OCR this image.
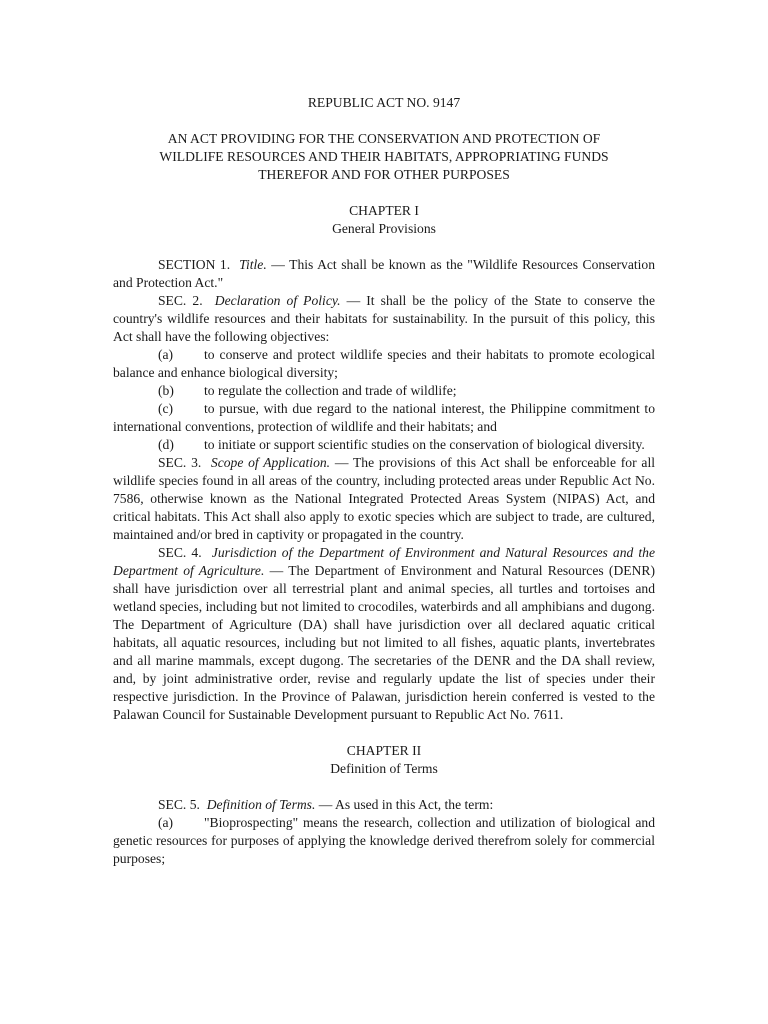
REPUBLIC ACT NO. 9147

AN ACT PROVIDING FOR THE CONSERVATION AND PROTECTION OF

WILDLIFE RESOURCES AND THEIR HABITATS, APPROPRIATING FUNDS

THEREFOR AND FOR OTHER PURPOSES

CHAPTER I

General Provisions

SECTION 1. Title. — This Act shall be known as the "Wildlife Resources Conservation and Protection Act."

SEC. 2. Declaration of Policy. — It shall be the policy of the State to conserve the country's wildlife resources and their habitats for sustainability. In the pursuit of this policy, this Act shall have the following objectives:

(a) to conserve and protect wildlife species and their habitats to promote ecological balance and enhance biological diversity;

(b) to regulate the collection and trade of wildlife;

(c) to pursue, with due regard to the national interest, the Philippine commitment to international conventions, protection of wildlife and their habitats; and

(d) to initiate or support scientific studies on the conservation of biological diversity.

SEC. 3. Scope of Application. — The provisions of this Act shall be enforceable for all wildlife species found in all areas of the country, including protected areas under Republic Act No. 7586, otherwise known as the National Integrated Protected Areas System (NIPAS) Act, and critical habitats. This Act shall also apply to exotic species which are subject to trade, are cultured, maintained and/or bred in captivity or propagated in the country.

SEC. 4. Jurisdiction of the Department of Environment and Natural Resources and the Department of Agriculture. — The Department of Environment and Natural Resources (DENR) shall have jurisdiction over all terrestrial plant and animal species, all turtles and tortoises and wetland species, including but not limited to crocodiles, waterbirds and all amphibians and dugong. The Department of Agriculture (DA) shall have jurisdiction over all declared aquatic critical habitats, all aquatic resources, including but not limited to all fishes, aquatic plants, invertebrates and all marine mammals, except dugong. The secretaries of the DENR and the DA shall review, and, by joint administrative order, revise and regularly update the list of species under their respective jurisdiction. In the Province of Palawan, jurisdiction herein conferred is vested to the Palawan Council for Sustainable Development pursuant to Republic Act No. 7611.

CHAPTER II

Definition of Terms

SEC. 5. Definition of Terms. — As used in this Act, the term:

(a) "Bioprospecting" means the research, collection and utilization of biological and genetic resources for purposes of applying the knowledge derived therefrom solely for commercial purposes;
